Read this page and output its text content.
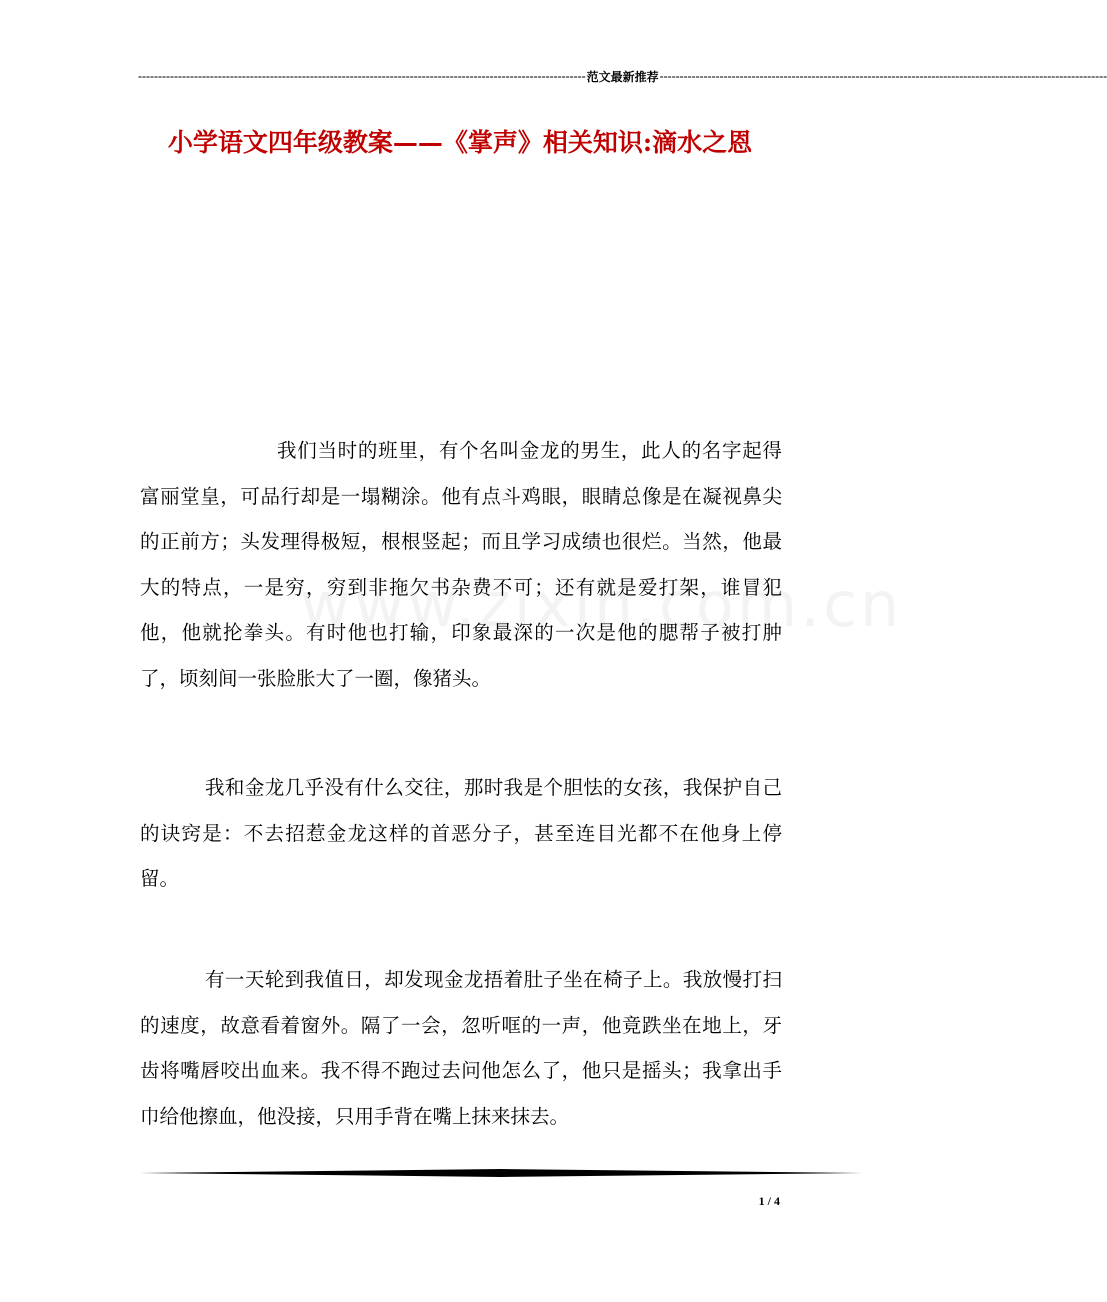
---------------------------------------------------------------------------------------------------------------- 范文最新推荐 ----------------------------------------------------------------------------------------------------------------
小学语文四年级教案——《掌声》相关知识:滴水之恩

我们当时的班里，有个名叫金龙的男生，此人的名字起得富丽堂皇，可品行却是一塌糊涂。他有点斗鸡眼，眼睛总像是在凝视鼻尖的正前方；头发理得极短，根根竖起；而且学习成绩也很烂。当然，他最大的特点，一是穷，穷到非拖欠书杂费不可；还有就是爱打架，谁冒犯他，他就抡拳头。有时他也打输，印象最深的一次是他的腮帮子被打肿了，顷刻间一张脸胀大了一圈，像猪头。

我和金龙几乎没有什么交往，那时我是个胆怯的女孩，我保护自己的诀窍是：不去招惹金龙这样的首恶分子，甚至连目光都不在他身上停留。

有一天轮到我值日，却发现金龙捂着肚子坐在椅子上。我放慢打扫的速度，故意看着窗外。隔了一会，忽听哐的一声，他竟跌坐在地上，牙齿将嘴唇咬出血来。我不得不跑过去问他怎么了，他只是摇头；我拿出手巾给他擦血，他没接，只用手背在嘴上抹来抹去。

1 / 4
